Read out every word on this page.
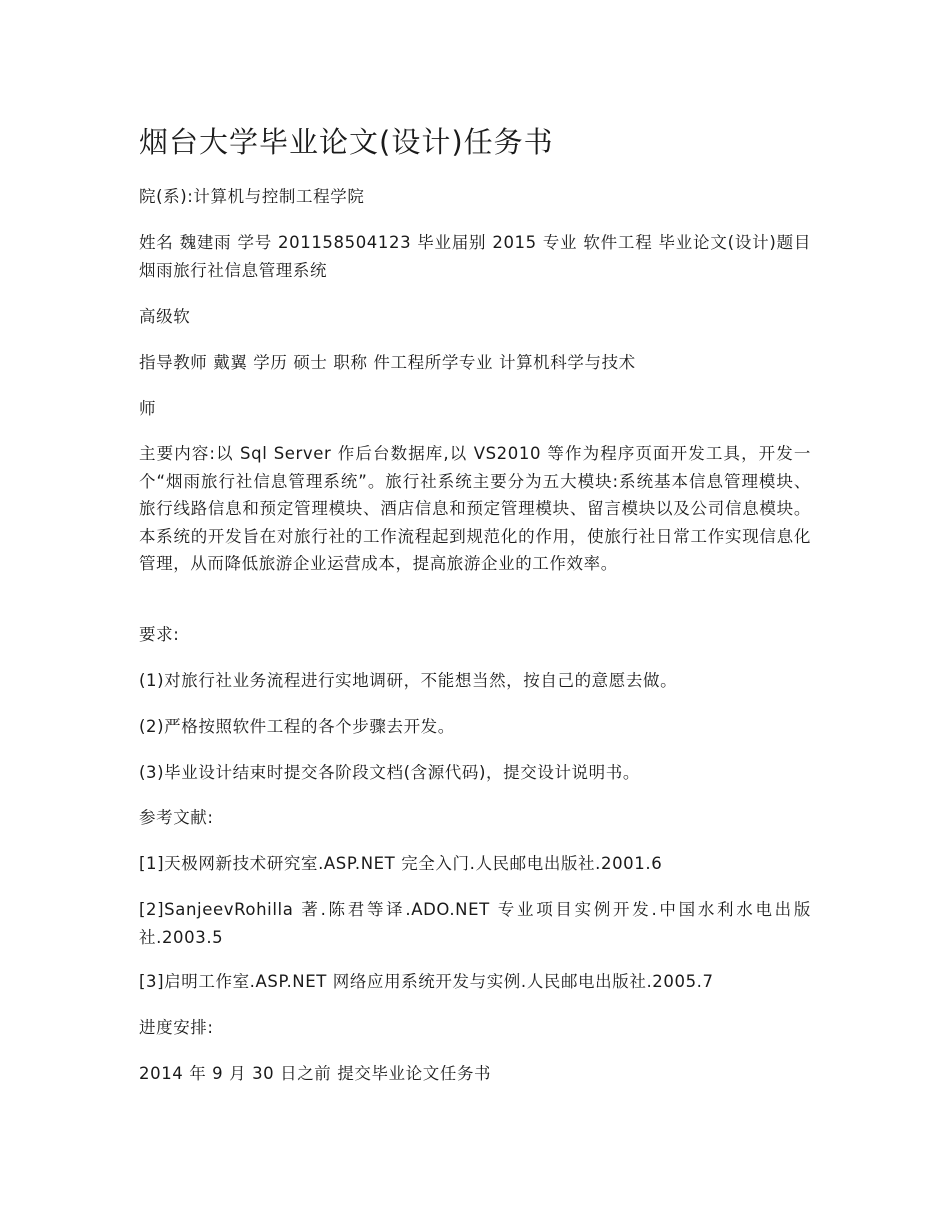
烟台大学毕业论文(设计)任务书

院(系):计算机与控制工程学院

姓名 魏建雨 学号 201158504123 毕业届别 2015 专业 软件工程 毕业论文(设计)题目 烟雨旅行社信息管理系统

高级软

指导教师 戴翼 学历 硕士 职称 件工程所学专业 计算机科学与技术

师

主要内容:以 Sql Server 作后台数据库,以 VS2010 等作为程序页面开发工具，开发一个“烟雨旅行社信息管理系统”。旅行社系统主要分为五大模块:系统基本信息管理模块、旅行线路信息和预定管理模块、酒店信息和预定管理模块、留言模块以及公司信息模块。本系统的开发旨在对旅行社的工作流程起到规范化的作用，使旅行社日常工作实现信息化管理，从而降低旅游企业运营成本，提高旅游企业的工作效率。

要求:

(1)对旅行社业务流程进行实地调研，不能想当然，按自己的意愿去做。

(2)严格按照软件工程的各个步骤去开发。

(3)毕业设计结束时提交各阶段文档(含源代码)，提交设计说明书。

参考文献:

[1]天极网新技术研究室.ASP.NET 完全入门.人民邮电出版社.2001.6

[2]SanjeevRohilla 著.陈君等译.ADO.NET 专业项目实例开发.中国水利水电出版社.2003.5

[3]启明工作室.ASP.NET 网络应用系统开发与实例.人民邮电出版社.2005.7

进度安排:

2014 年 9 月 30 日之前 提交毕业论文任务书
